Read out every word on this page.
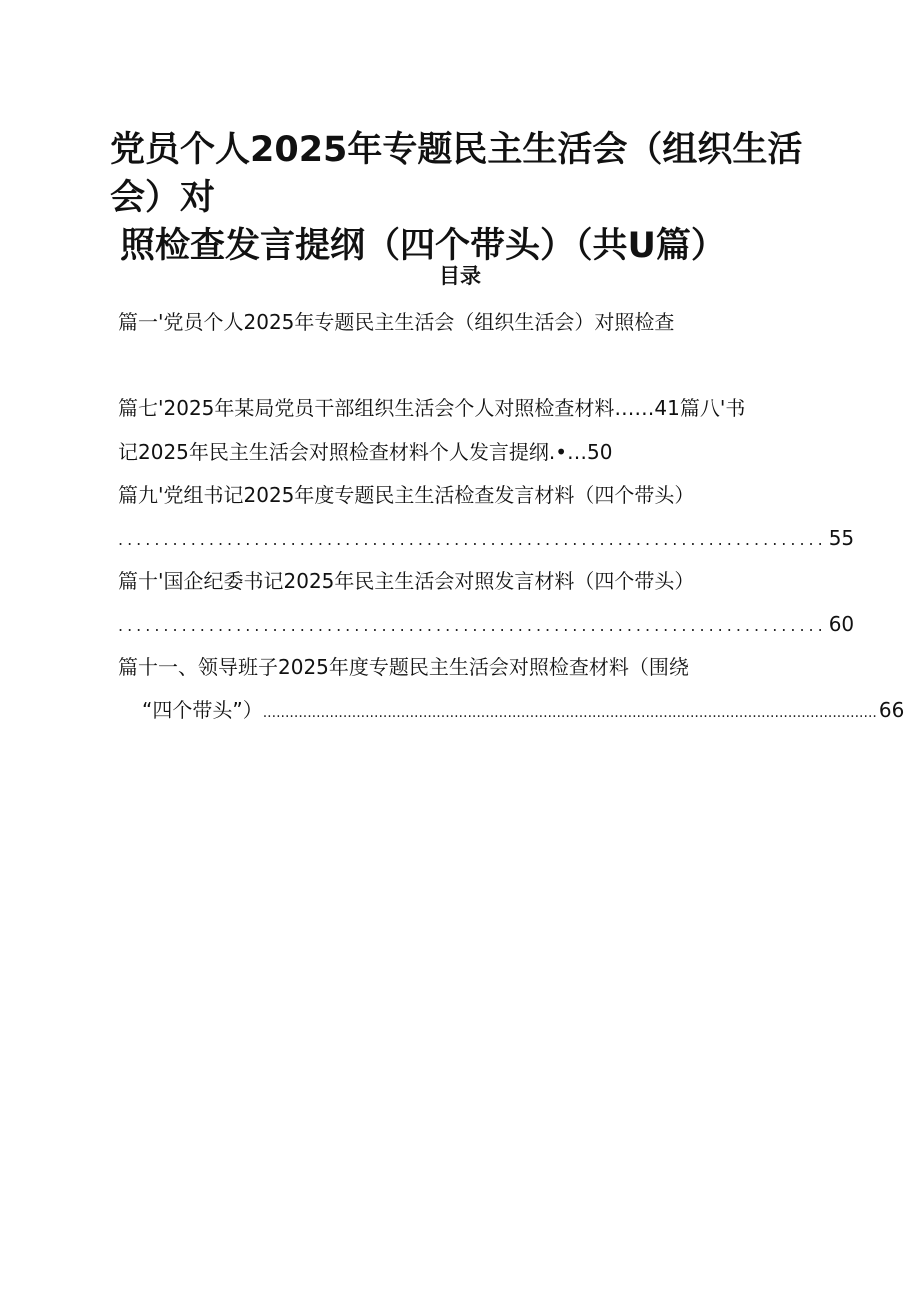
党员个人2025年专题民主生活会（组织生活会）对
照检查发言提纲（四个带头）（共U篇）
目录
篇一'党员个人2025年专题民主生活会（组织生活会）对照检查
篇七'2025年某局党员干部组织生活会个人对照检查材料……41篇八'书
记2025年民主生活会对照检查材料个人发言提纲.•…50
篇九'党组书记2025年度专题民主生活检查发言材料（四个带头）
.............................................................................. 55
篇十'国企纪委书记2025年民主生活会对照发言材料（四个带头）
.............................................................................. 60
篇十一、领导班子2025年度专题民主生活会对照检查材料（围绕
“四个带头”） .......................................................................................................................................... 66
